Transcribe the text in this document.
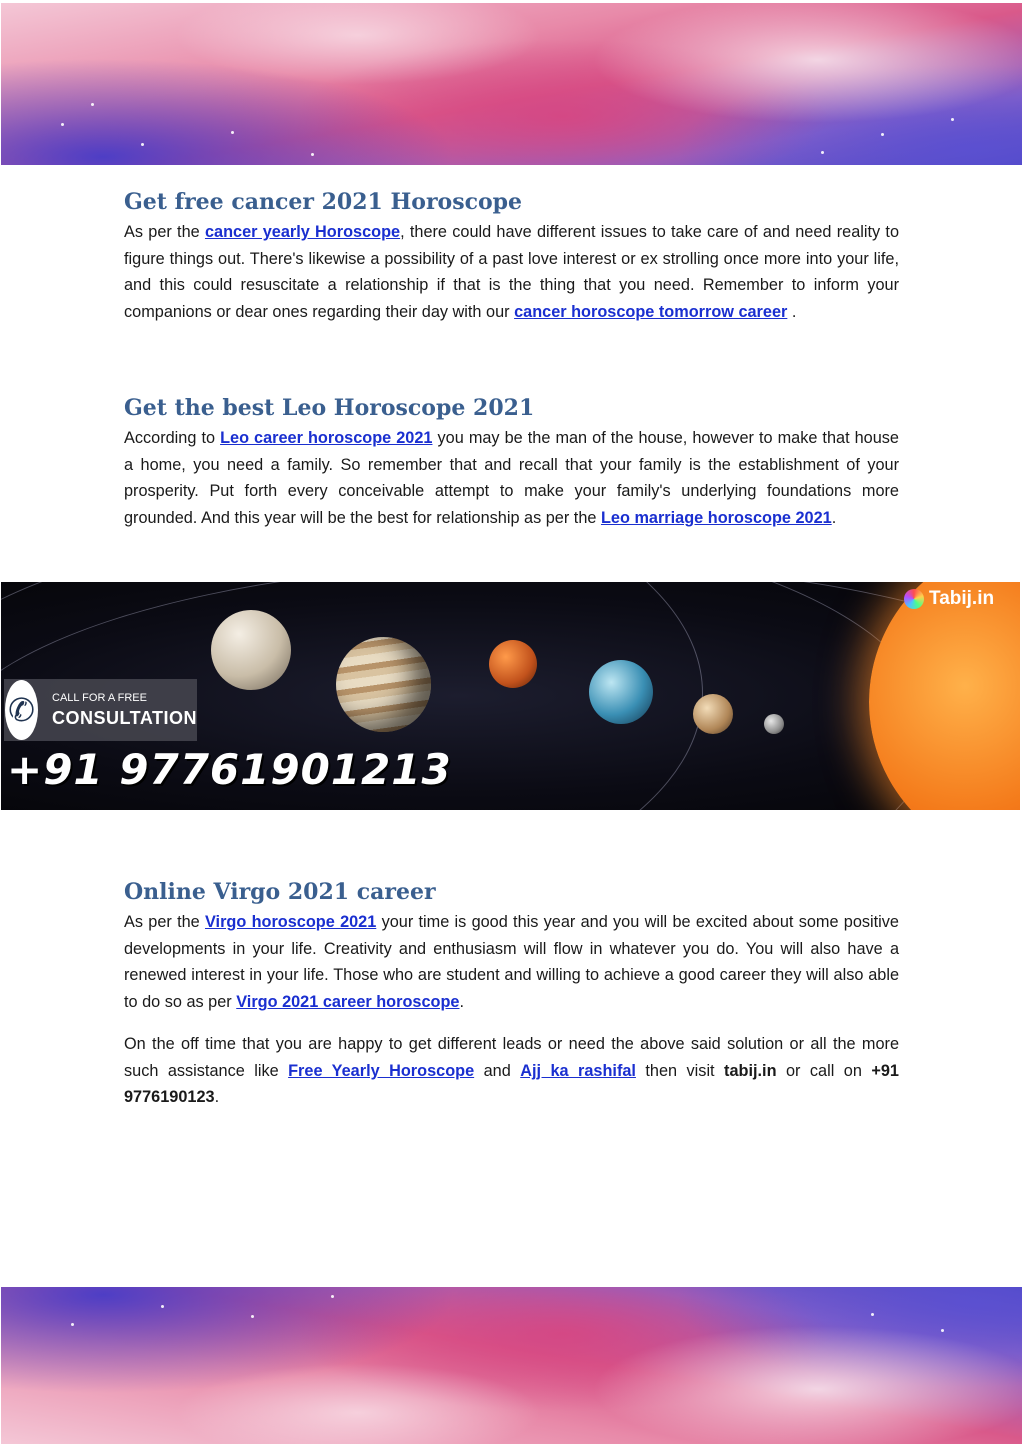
Get free cancer 2021 Horoscope

As per the cancer yearly Horoscope, there could have different issues to take care of and need reality to figure things out. There's likewise a possibility of a past love interest or ex strolling once more into your life, and this could resuscitate a relationship if that is the thing that you need. Remember to inform your companions or dear ones regarding their day with our cancer horoscope tomorrow career .

Get the best Leo Horoscope 2021

According to Leo career horoscope 2021 you may be the man of the house, however to make that house a home, you need a family. So remember that and recall that your family is the establishment of your prosperity. Put forth every conceivable attempt to make your family's underlying foundations more grounded. And this year will be the best for relationship as per the Leo marriage horoscope 2021.

Tabij.in
✆ CALL FOR A FREE
CONSULTATION
+91 97761901213
Online Virgo 2021 career

As per the Virgo horoscope 2021 your time is good this year and you will be excited about some positive developments in your life. Creativity and enthusiasm will flow in whatever you do. You will also have a renewed interest in your life. Those who are student and willing to achieve a good career they will also able to do so as per Virgo 2021 career horoscope.

On the off time that you are happy to get different leads or need the above said solution or all the more such assistance like Free Yearly Horoscope and Ajj ka rashifal then visit tabij.in or call on +91 9776190123.
